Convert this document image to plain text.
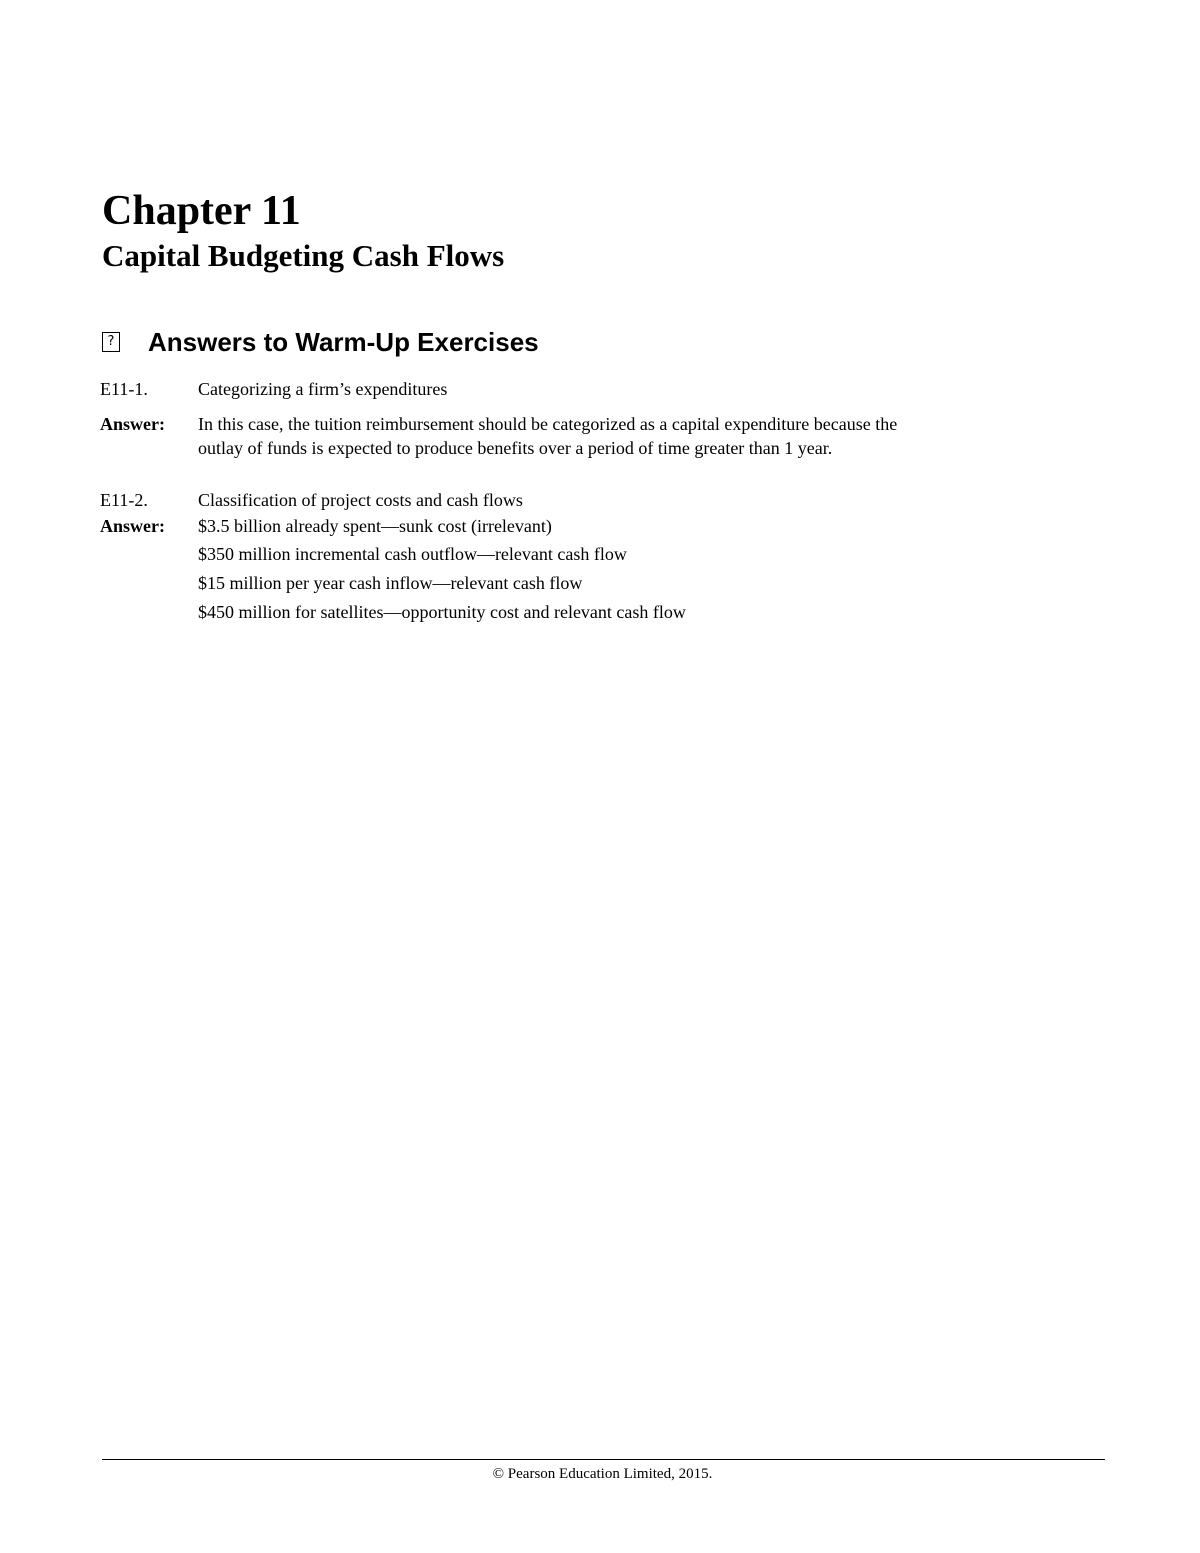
Chapter 11
Capital Budgeting Cash Flows
? Answers to Warm-Up Exercises
E11-1.	Categorizing a firm’s expenditures
Answer:	In this case, the tuition reimbursement should be categorized as a capital expenditure because the
outlay of funds is expected to produce benefits over a period of time greater than 1 year.
E11-2.	Classification of project costs and cash flows
Answer:	$3.5 billion already spent—sunk cost (irrelevant)
$350 million incremental cash outflow—relevant cash flow
$15 million per year cash inflow—relevant cash flow
$450 million for satellites—opportunity cost and relevant cash flow
© Pearson Education Limited, 2015.
